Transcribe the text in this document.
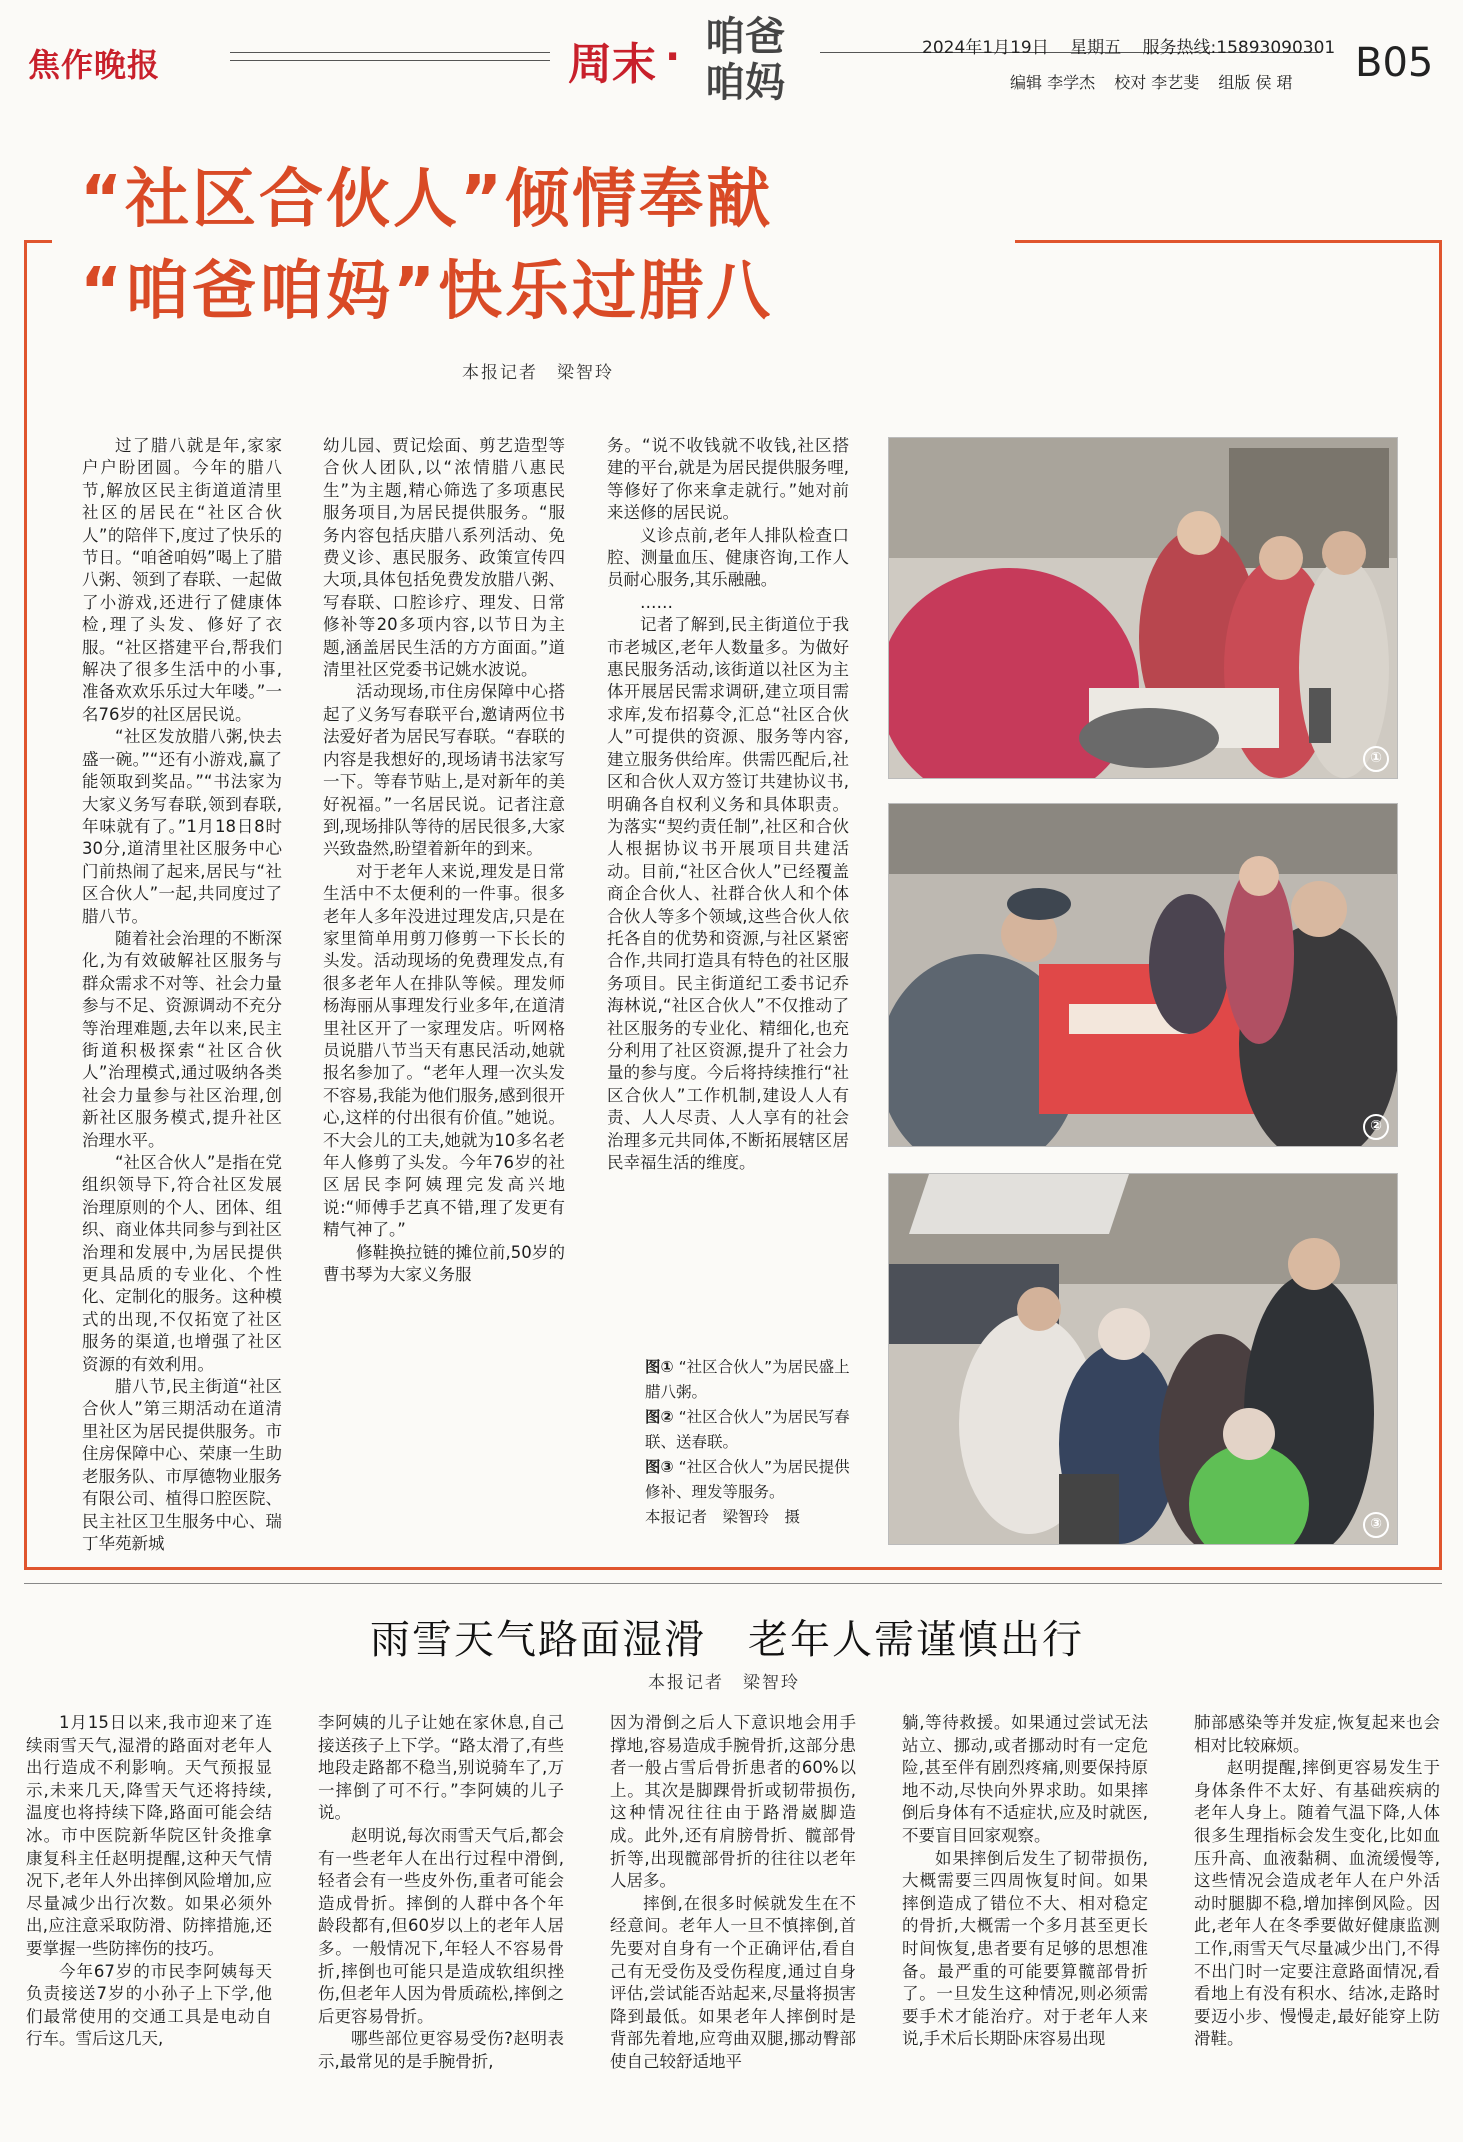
焦作晚报	周末 · 咱爸
咱妈
2024年1月19日 星期五 服务热线:15893090301
编辑 李学杰 校对 李艺斐 组版 侯 珺	B05
“社区合伙人”倾情奉献
“咱爸咱妈”快乐过腊八
本报记者　梁智玲

过了腊八就是年,家家户户盼团圆。今年的腊八节,解放区民主街道道清里社区的居民在“社区合伙人”的陪伴下,度过了快乐的节日。“咱爸咱妈”喝上了腊八粥、领到了春联、一起做了小游戏,还进行了健康体检,理了头发、修好了衣服。“社区搭建平台,帮我们解决了很多生活中的小事,准备欢欢乐乐过大年喽。”一名76岁的社区居民说。

“社区发放腊八粥,快去盛一碗。”“还有小游戏,赢了能领取到奖品。”“书法家为大家义务写春联,领到春联,年味就有了。”1月18日8时30分,道清里社区服务中心门前热闹了起来,居民与“社区合伙人”一起,共同度过了腊八节。

随着社会治理的不断深化,为有效破解社区服务与群众需求不对等、社会力量参与不足、资源调动不充分等治理难题,去年以来,民主街道积极探索“社区合伙人”治理模式,通过吸纳各类社会力量参与社区治理,创新社区服务模式,提升社区治理水平。

“社区合伙人”是指在党组织领导下,符合社区发展治理原则的个人、团体、组织、商业体共同参与到社区治理和发展中,为居民提供更具品质的专业化、个性化、定制化的服务。这种模式的出现,不仅拓宽了社区服务的渠道,也增强了社区资源的有效利用。

腊八节,民主街道“社区合伙人”第三期活动在道清里社区为居民提供服务。市住房保障中心、荣康一生助老服务队、市厚德物业服务有限公司、植得口腔医院、民主社区卫生服务中心、瑞丁华苑新城

幼儿园、贾记烩面、剪艺造型等合伙人团队,以“浓情腊八惠民生”为主题,精心筛选了多项惠民服务项目,为居民提供服务。“服务内容包括庆腊八系列活动、免费义诊、惠民服务、政策宣传四大项,具体包括免费发放腊八粥、写春联、口腔诊疗、理发、日常修补等20多项内容,以节日为主题,涵盖居民生活的方方面面。”道清里社区党委书记姚水波说。

活动现场,市住房保障中心搭起了义务写春联平台,邀请两位书法爱好者为居民写春联。“春联的内容是我想好的,现场请书法家写一下。等春节贴上,是对新年的美好祝福。”一名居民说。记者注意到,现场排队等待的居民很多,大家兴致盎然,盼望着新年的到来。

对于老年人来说,理发是日常生活中不太便利的一件事。很多老年人多年没进过理发店,只是在家里简单用剪刀修剪一下长长的头发。活动现场的免费理发点,有很多老年人在排队等候。理发师杨海丽从事理发行业多年,在道清里社区开了一家理发店。听网格员说腊八节当天有惠民活动,她就报名参加了。“老年人理一次头发不容易,我能为他们服务,感到很开心,这样的付出很有价值。”她说。不大会儿的工夫,她就为10多名老年人修剪了头发。今年76岁的社区居民李阿姨理完发高兴地说:“师傅手艺真不错,理了发更有精气神了。”

修鞋换拉链的摊位前,50岁的曹书琴为大家义务服

务。“说不收钱就不收钱,社区搭建的平台,就是为居民提供服务哩,等修好了你来拿走就行。”她对前来送修的居民说。

义诊点前,老年人排队检查口腔、测量血压、健康咨询,工作人员耐心服务,其乐融融。

……

记者了解到,民主街道位于我市老城区,老年人数量多。为做好惠民服务活动,该街道以社区为主体开展居民需求调研,建立项目需求库,发布招募令,汇总“社区合伙人”可提供的资源、服务等内容,建立服务供给库。供需匹配后,社区和合伙人双方签订共建协议书,明确各自权利义务和具体职责。为落实“契约责任制”,社区和合伙人根据协议书开展项目共建活动。目前,“社区合伙人”已经覆盖商企合伙人、社群合伙人和个体合伙人等多个领域,这些合伙人依托各自的优势和资源,与社区紧密合作,共同打造具有特色的社区服务项目。民主街道纪工委书记乔海林说,“社区合伙人”不仅推动了社区服务的专业化、精细化,也充分利用了社区资源,提升了社会力量的参与度。今后将持续推行“社区合伙人”工作机制,建设人人有责、人人尽责、人人享有的社会治理多元共同体,不断拓展辖区居民幸福生活的维度。

图① “社区合伙人”为居民盛上腊八粥。
图② “社区合伙人”为居民写春联、送春联。
图③ “社区合伙人”为居民提供修补、理发等服务。
本报记者　梁智玲　摄
①
②
③
雨雪天气路面湿滑　老年人需谨慎出行
本报记者　梁智玲

1月15日以来,我市迎来了连续雨雪天气,湿滑的路面对老年人出行造成不利影响。天气预报显示,未来几天,降雪天气还将持续,温度也将持续下降,路面可能会结冰。市中医院新华院区针灸推拿康复科主任赵明提醒,这种天气情况下,老年人外出摔倒风险增加,应尽量减少出行次数。如果必须外出,应注意采取防滑、防摔措施,还要掌握一些防摔伤的技巧。

今年67岁的市民李阿姨每天负责接送7岁的小孙子上下学,他们最常使用的交通工具是电动自行车。雪后这几天,

李阿姨的儿子让她在家休息,自己接送孩子上下学。“路太滑了,有些地段走路都不稳当,别说骑车了,万一摔倒了可不行。”李阿姨的儿子说。

赵明说,每次雨雪天气后,都会有一些老年人在出行过程中滑倒,轻者会有一些皮外伤,重者可能会造成骨折。摔倒的人群中各个年龄段都有,但60岁以上的老年人居多。一般情况下,年轻人不容易骨折,摔倒也可能只是造成软组织挫伤,但老年人因为骨质疏松,摔倒之后更容易骨折。

哪些部位更容易受伤?赵明表示,最常见的是手腕骨折,

因为滑倒之后人下意识地会用手撑地,容易造成手腕骨折,这部分患者一般占雪后骨折患者的60%以上。其次是脚踝骨折或韧带损伤,这种情况往往由于路滑崴脚造成。此外,还有肩膀骨折、髋部骨折等,出现髋部骨折的往往以老年人居多。

摔倒,在很多时候就发生在不经意间。老年人一旦不慎摔倒,首先要对自身有一个正确评估,看自己有无受伤及受伤程度,通过自身评估,尝试能否站起来,尽量将损害降到最低。如果老年人摔倒时是背部先着地,应弯曲双腿,挪动臀部使自己较舒适地平

躺,等待救援。如果通过尝试无法站立、挪动,或者挪动时有一定危险,甚至伴有剧烈疼痛,则要保持原地不动,尽快向外界求助。如果摔倒后身体有不适症状,应及时就医,不要盲目回家观察。

如果摔倒后发生了韧带损伤,大概需要三四周恢复时间。如果摔倒造成了错位不大、相对稳定的骨折,大概需一个多月甚至更长时间恢复,患者要有足够的思想准备。最严重的可能要算髋部骨折了。一旦发生这种情况,则必须需要手术才能治疗。对于老年人来说,手术后长期卧床容易出现

肺部感染等并发症,恢复起来也会相对比较麻烦。

赵明提醒,摔倒更容易发生于身体条件不太好、有基础疾病的老年人身上。随着气温下降,人体很多生理指标会发生变化,比如血压升高、血液黏稠、血流缓慢等,这些情况会造成老年人在户外活动时腿脚不稳,增加摔倒风险。因此,老年人在冬季要做好健康监测工作,雨雪天气尽量减少出门,不得不出门时一定要注意路面情况,看看地上有没有积水、结冰,走路时要迈小步、慢慢走,最好能穿上防滑鞋。
